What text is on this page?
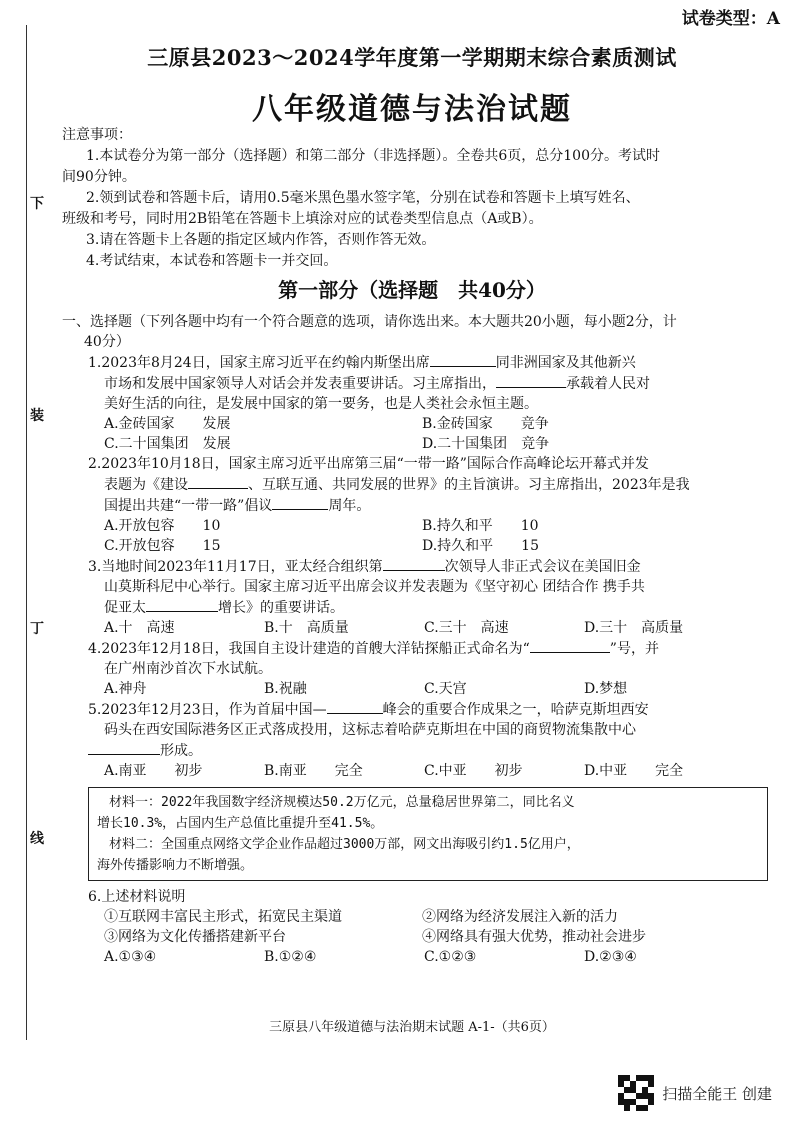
试卷类型：A
下
装
丁
线
三原县2023～2024学年度第一学期期末综合素质测试
八年级道德与法治试题

注意事项：

1.本试卷分为第一部分（选择题）和第二部分（非选择题）。全卷共6页，总分100分。考试时

间90分钟。

2.领到试卷和答题卡后，请用0.5毫米黑色墨水签字笔，分别在试卷和答题卡上填写姓名、

班级和考号，同时用2B铅笔在答题卡上填涂对应的试卷类型信息点（A或B）。

3.请在答题卡上各题的指定区域内作答，否则作答无效。

4.考试结束，本试卷和答题卡一并交回。

第一部分（选择题　共40分）

一、选择题（下列各题中均有一个符合题意的选项，请你选出来。本大题共20小题，每小题2分，计

40分）

1.2023年8月24日，国家主席习近平在约翰内斯堡出席	同非洲国家及其他新兴
市场和发展中国家领导人对话会并发表重要讲话。习主席指出，	承载着人民对
美好生活的向往，是发展中国家的第一要务，也是人类社会永恒主题。

A.金砖国家　　发展	B.金砖国家　　竞争
C.二十国集团　发展	D.二十国集团　竞争

2.2023年10月18日，国家主席习近平出席第三届“一带一路”国际合作高峰论坛开幕式并发
表题为《建设	、互联互通、共同发展的世界》的主旨演讲。习主席指出，2023年是我
国提出共建“一带一路”倡议	周年。

A.开放包容　　10	B.持久和平　　10
C.开放包容　　15	D.持久和平　　15

3.当地时间2023年11月17日，亚太经合组织第	次领导人非正式会议在美国旧金
山莫斯科尼中心举行。国家主席习近平出席会议并发表题为《坚守初心 团结合作 携手共
促亚太	增长》的重要讲话。

A.十　高速	B.十　高质量	C.三十　高速	D.三十　高质量

4.2023年12月18日，我国自主设计建造的首艘大洋钻探船正式命名为“	”号，并
在广州南沙首次下水试航。

A.神舟	B.祝融	C.天宫	D.梦想

5.2023年12月23日，作为首届中国—	峰会的重要合作成果之一，哈萨克斯坦西安
码头在西安国际港务区正式落成投用，这标志着哈萨克斯坦在中国的商贸物流集散中心
形成。

A.南亚　　初步	B.南亚　　完全	C.中亚　　初步	D.中亚　　完全

材料一：2022年我国数字经济规模达50.2万亿元，总量稳居世界第二，同比名义

增长10.3%，占国内生产总值比重提升至41.5%。

材料二：全国重点网络文学企业作品超过3000万部，网文出海吸引约1.5亿用户，

海外传播影响力不断增强。

6.上述材料说明

①互联网丰富民主形式，拓宽民主渠道	②网络为经济发展注入新的活力
③网络为文化传播搭建新平台	④网络具有强大优势，推动社会进步
A.①③④	B.①②④	C.①②③	D.②③④
三原县八年级道德与法治期末试题 A-1-（共6页）
扫描全能王 创建
